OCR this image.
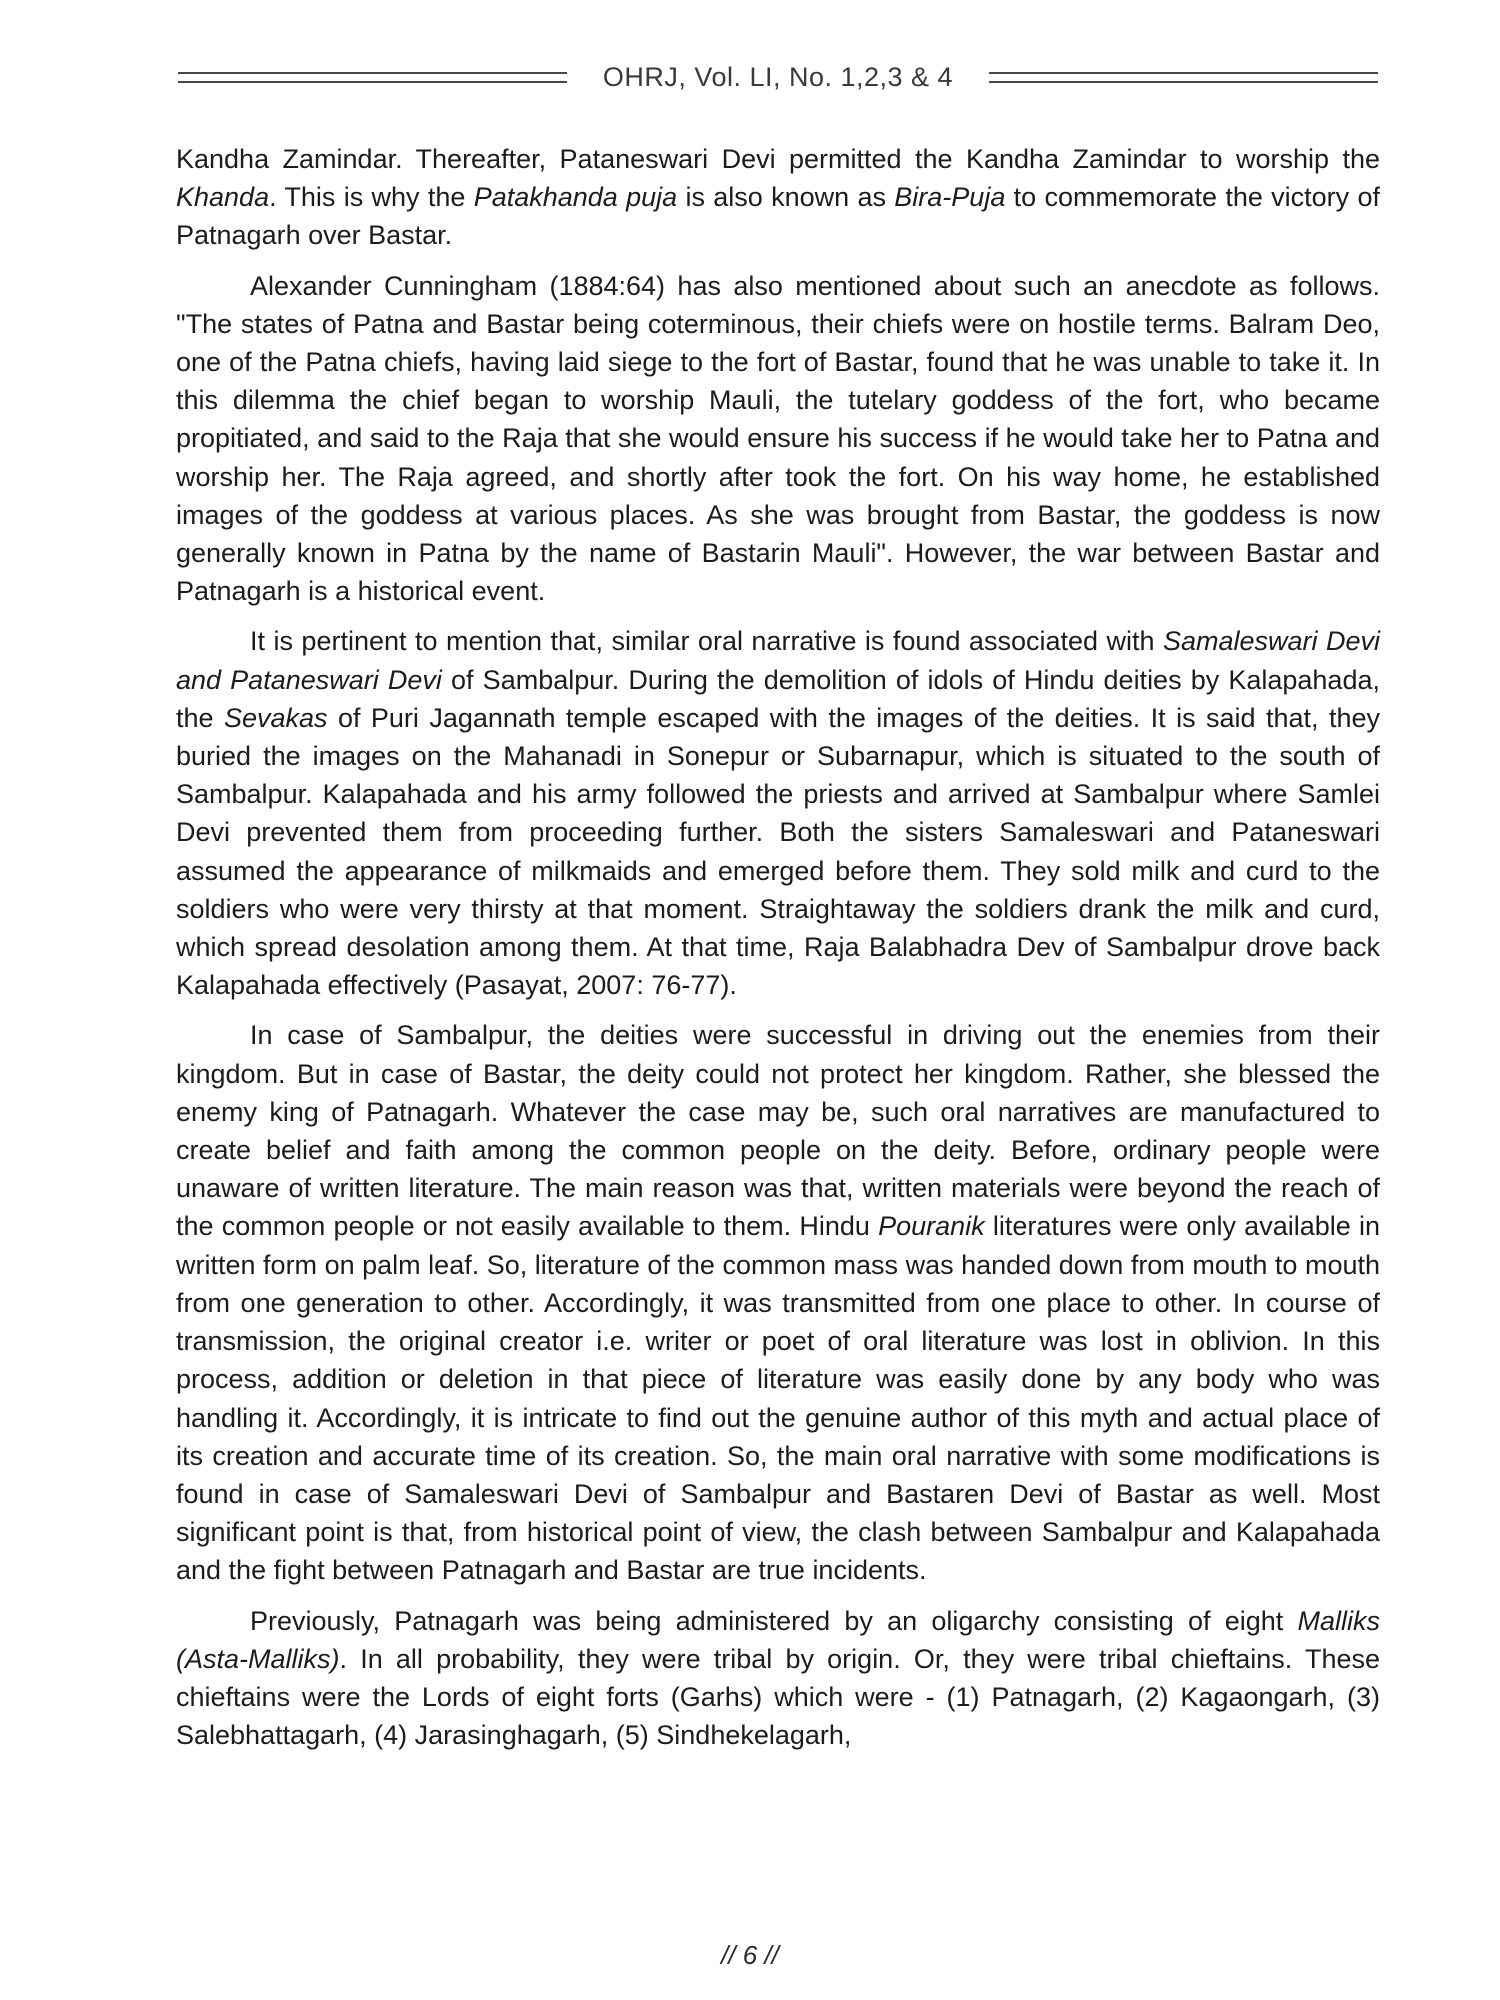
OHRJ, Vol. LI, No. 1,2,3 & 4

Kandha Zamindar. Thereafter, Pataneswari Devi permitted the Kandha Zamindar to worship the Khanda. This is why the Patakhanda puja is also known as Bira-Puja to commemorate the victory of Patnagarh over Bastar.

Alexander Cunningham (1884:64) has also mentioned about such an anecdote as follows. "The states of Patna and Bastar being coterminous, their chiefs were on hostile terms. Balram Deo, one of the Patna chiefs, having laid siege to the fort of Bastar, found that he was unable to take it. In this dilemma the chief began to worship Mauli, the tutelary goddess of the fort, who became propitiated, and said to the Raja that she would ensure his success if he would take her to Patna and worship her. The Raja agreed, and shortly after took the fort. On his way home, he established images of the goddess at various places. As she was brought from Bastar, the goddess is now generally known in Patna by the name of Bastarin Mauli". However, the war between Bastar and Patnagarh is a historical event.

It is pertinent to mention that, similar oral narrative is found associated with Samaleswari Devi and Pataneswari Devi of Sambalpur. During the demolition of idols of Hindu deities by Kalapahada, the Sevakas of Puri Jagannath temple escaped with the images of the deities. It is said that, they buried the images on the Mahanadi in Sonepur or Subarnapur, which is situated to the south of Sambalpur. Kalapahada and his army followed the priests and arrived at Sambalpur where Samlei Devi prevented them from proceeding further. Both the sisters Samaleswari and Pataneswari assumed the appearance of milkmaids and emerged before them. They sold milk and curd to the soldiers who were very thirsty at that moment. Straightaway the soldiers drank the milk and curd, which spread desolation among them. At that time, Raja Balabhadra Dev of Sambalpur drove back Kalapahada effectively (Pasayat, 2007: 76-77).

In case of Sambalpur, the deities were successful in driving out the enemies from their kingdom. But in case of Bastar, the deity could not protect her kingdom. Rather, she blessed the enemy king of Patnagarh. Whatever the case may be, such oral narratives are manufactured to create belief and faith among the common people on the deity. Before, ordinary people were unaware of written literature. The main reason was that, written materials were beyond the reach of the common people or not easily available to them. Hindu Pouranik literatures were only available in written form on palm leaf. So, literature of the common mass was handed down from mouth to mouth from one generation to other. Accordingly, it was transmitted from one place to other. In course of transmission, the original creator i.e. writer or poet of oral literature was lost in oblivion. In this process, addition or deletion in that piece of literature was easily done by any body who was handling it. Accordingly, it is intricate to find out the genuine author of this myth and actual place of its creation and accurate time of its creation. So, the main oral narrative with some modifications is found in case of Samaleswari Devi of Sambalpur and Bastaren Devi of Bastar as well. Most significant point is that, from historical point of view, the clash between Sambalpur and Kalapahada and the fight between Patnagarh and Bastar are true incidents.

Previously, Patnagarh was being administered by an oligarchy consisting of eight Malliks (Asta-Malliks). In all probability, they were tribal by origin. Or, they were tribal chieftains. These chieftains were the Lords of eight forts (Garhs) which were - (1) Patnagarh, (2) Kagaongarh, (3) Salebhattagarh, (4) Jarasinghagarh, (5) Sindhekelagarh,

// 6 //
